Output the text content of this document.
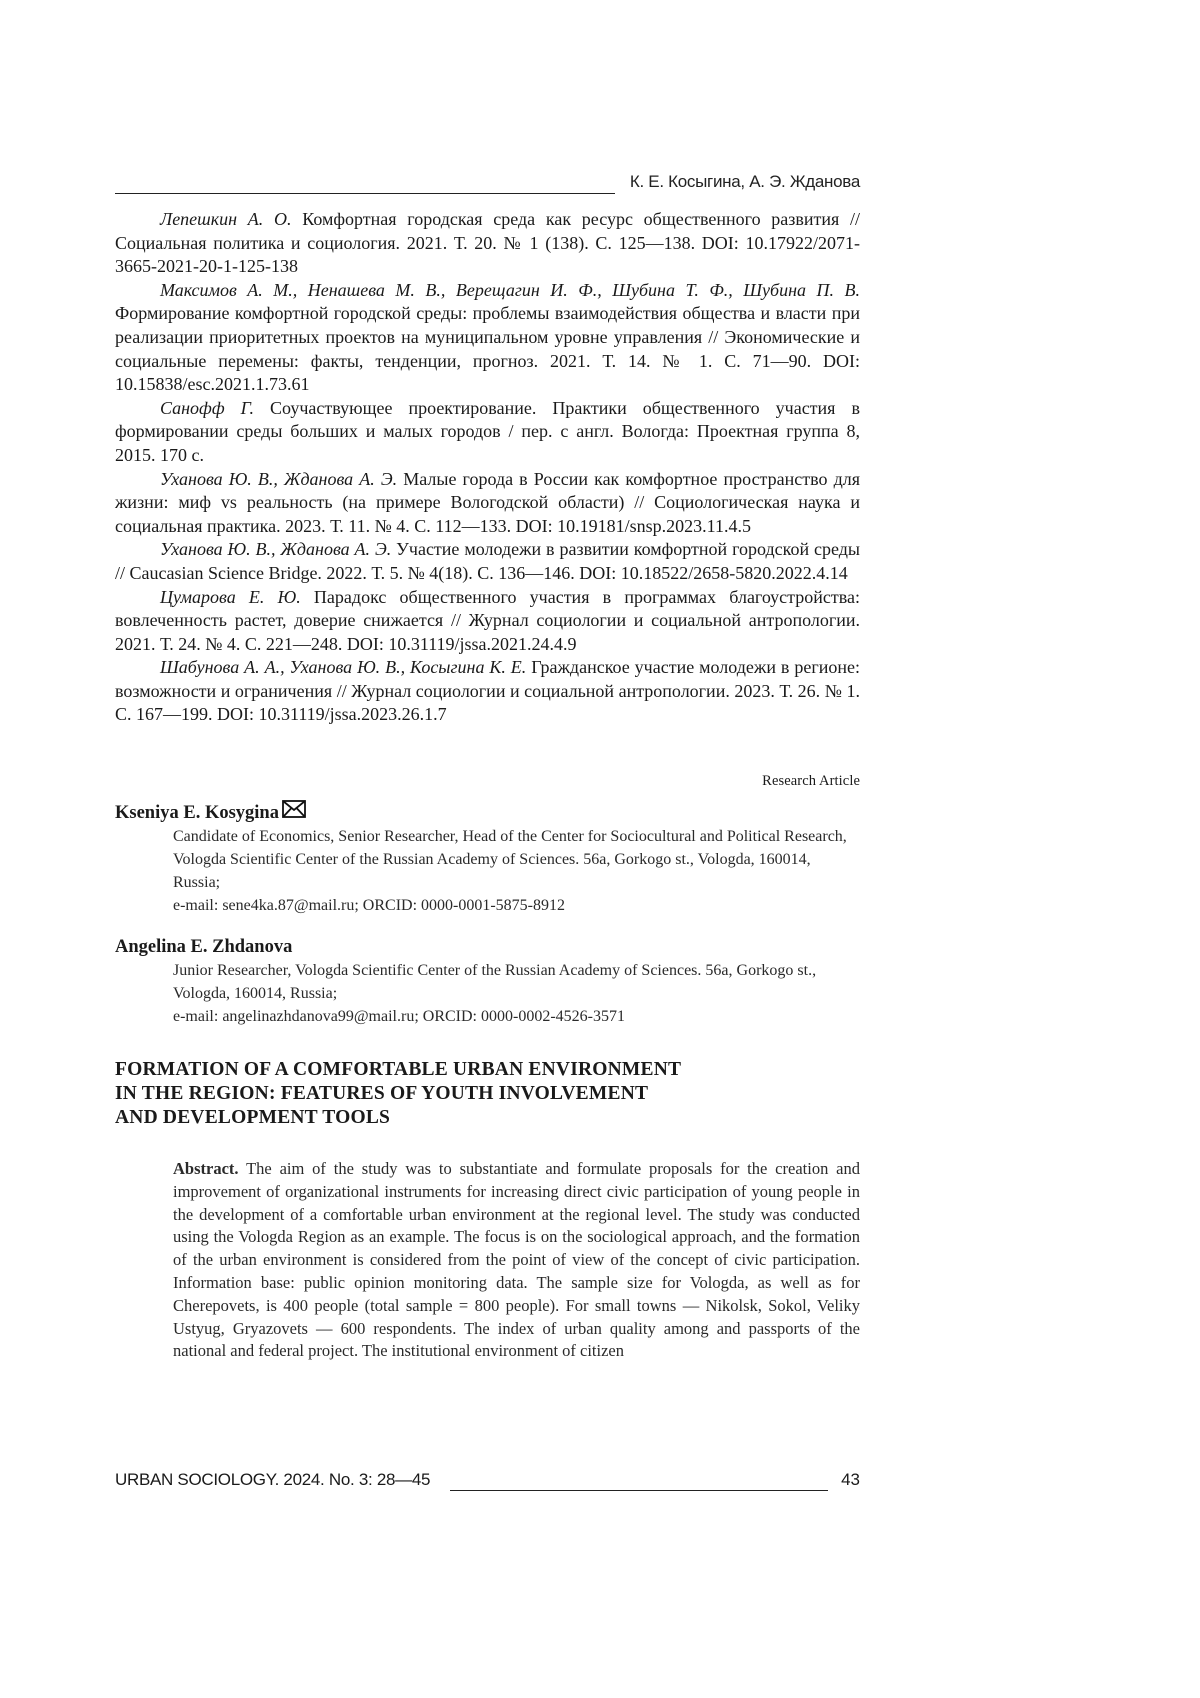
К. Е. Косыгина, А. Э. Жданова

Лепешкин А. О. Комфортная городская среда как ресурс общественного развития // Социальная политика и социология. 2021. Т. 20. № 1 (138). С. 125—138. DOI: 10.17922/2071-3665-2021-20-1-125-138

Максимов А. М., Ненашева М. В., Верещагин И. Ф., Шубина Т. Ф., Шубина П. В. Формирование комфортной городской среды: проблемы взаимодействия общества и власти при реализации приоритетных проектов на муниципальном уровне управления // Экономические и социальные перемены: факты, тенденции, прогноз. 2021. Т. 14. № 1. С. 71—90. DOI: 10.15838/esc.2021.1.73.61

Санофф Г. Соучаствующее проектирование. Практики общественного участия в формировании среды больших и малых городов / пер. с англ. Вологда: Проектная группа 8, 2015. 170 с.

Уханова Ю. В., Жданова А. Э. Малые города в России как комфортное пространство для жизни: миф vs реальность (на примере Вологодской области) // Социологическая наука и социальная практика. 2023. Т. 11. № 4. С. 112—133. DOI: 10.19181/snsp.2023.11.4.5

Уханова Ю. В., Жданова А. Э. Участие молодежи в развитии комфортной городской среды // Caucasian Science Bridge. 2022. Т. 5. № 4(18). С. 136—146. DOI: 10.18522/2658-5820.2022.4.14

Цумарова Е. Ю. Парадокс общественного участия в программах благоустройства: вовлеченность растет, доверие снижается // Журнал социологии и социальной антропологии. 2021. Т. 24. № 4. С. 221—248. DOI: 10.31119/jssa.2021.24.4.9

Шабунова А. А., Уханова Ю. В., Косыгина К. Е. Гражданское участие молодежи в регионе: возможности и ограничения // Журнал социологии и социальной антропологии. 2023. Т. 26. № 1. С. 167—199. DOI: 10.31119/jssa.2023.26.1.7

Research Article
Kseniya E. Kosygina

Candidate of Economics, Senior Researcher, Head of the Center for Sociocultural and Political Research, Vologda Scientific Center of the Russian Academy of Sciences. 56a, Gorkogo st., Vologda, 160014, Russia;

e-mail: sene4ka.87@mail.ru; ORCID: 0000-0001-5875-8912

Angelina E. Zhdanova

Junior Researcher, Vologda Scientific Center of the Russian Academy of Sciences. 56a, Gorkogo st., Vologda, 160014, Russia;

e-mail: angelinazhdanova99@mail.ru; ORCID: 0000-0002-4526-3571

FORMATION OF A COMFORTABLE URBAN ENVIRONMENT
IN THE REGION: FEATURES OF YOUTH INVOLVEMENT
AND DEVELOPMENT TOOLS
Abstract. The aim of the study was to substantiate and formulate proposals for the creation and improvement of organizational instruments for increasing direct civic participation of young people in the development of a comfortable urban environment at the regional level. The study was conducted using the Vologda Region as an example. The focus is on the sociological approach, and the formation of the urban environment is considered from the point of view of the concept of civic participation. Information base: public opinion monitoring data. The sample size for Vologda, as well as for Cherepovets, is 400 people (total sample = 800 people). For small towns — Nikolsk, Sokol, Veliky Ustyug, Gryazovets — 600 respondents. The index of urban quality among and passports of the national and federal project. The institutional environment of citizen
URBAN SOCIOLOGY. 2024. No. 3: 28—45	43
